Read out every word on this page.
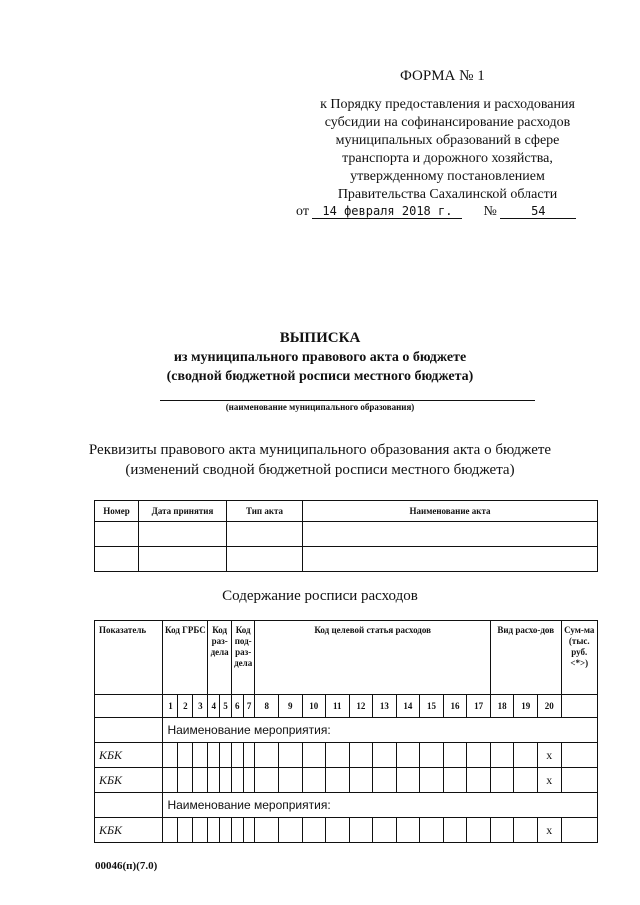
ФОРМА № 1
к Порядку предоставления и расходования
субсидии на софинансирование расходов
муниципальных образований в сфере
транспорта и дорожного хозяйства,
утвержденному постановлением
Правительства Сахалинской области
от 14 февраля 2018 г. №	54
ВЫПИСКА
из муниципального правового акта о бюджете
(сводной бюджетной росписи местного бюджета)
(наименование муниципального образования)
Реквизиты правового акта муниципального образования акта о бюджете
(изменений сводной бюджетной росписи местного бюджета)
Номер	Дата принятия	Тип акта	Наименование акта

Содержание росписи расходов
Показатель	Код ГРБС			Код раз-дела		Код под-раз-дела		Код целевой статья расходов										Вид расхо-дов			Сум-ма (тыс. руб. <*>)
	1	2	3	4	5	6	7	8	9	10	11	12	13	14	15	16	17	18	19	20	
	Наименование мероприятия:																				
КБК																				х	
КБК																				х	
	Наименование мероприятия:																				
КБК																				х	
00046(п)(7.0)
